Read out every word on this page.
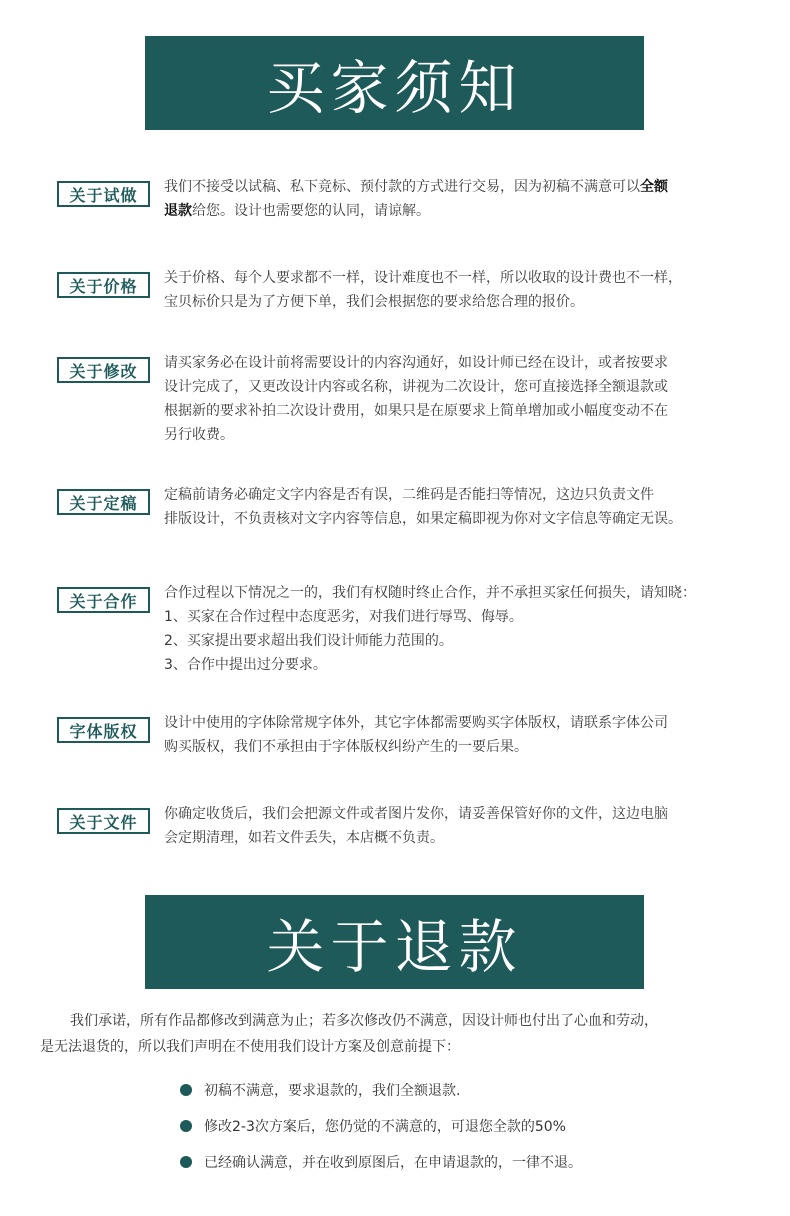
买家须知
关于试做	我们不接受以试稿、私下竞标、预付款的方式进行交易，因为初稿不满意可以全额
退款给您。设计也需要您的认同，请谅解。
关于价格	关于价格、每个人要求都不一样，设计难度也不一样，所以收取的设计费也不一样，
宝贝标价只是为了方便下单，我们会根据您的要求给您合理的报价。
关于修改	请买家务必在设计前将需要设计的内容沟通好，如设计师已经在设计，或者按要求
设计完成了，又更改设计内容或名称，讲视为二次设计，您可直接选择全额退款或
根据新的要求补拍二次设计费用，如果只是在原要求上简单增加或小幅度变动不在
另行收费。
关于定稿	定稿前请务必确定文字内容是否有误，二维码是否能扫等情况，这边只负责文件
排版设计，不负责核对文字内容等信息，如果定稿即视为你对文字信息等确定无误。
关于合作	合作过程以下情况之一的，我们有权随时终止合作，并不承担买家任何损失，请知晓：
1、买家在合作过程中态度恶劣，对我们进行辱骂、侮辱。
2、买家提出要求超出我们设计师能力范围的。
3、合作中提出过分要求。
字体版权	设计中使用的字体除常规字体外，其它字体都需要购买字体版权，请联系字体公司
购买版权，我们不承担由于字体版权纠纷产生的一要后果。
关于文件	你确定收货后，我们会把源文件或者图片发你，请妥善保管好你的文件，这边电脑
会定期清理，如若文件丢失，本店概不负责。
关于退款
我们承诺，所有作品都修改到满意为止；若多次修改仍不满意，因设计师也付出了心血和劳动，
是无法退货的，所以我们声明在不使用我们设计方案及创意前提下：
初稿不满意，要求退款的，我们全额退款.
修改2-3次方案后，您仍觉的不满意的，可退您全款的50%
已经确认满意，并在收到原图后，在申请退款的，一律不退。
